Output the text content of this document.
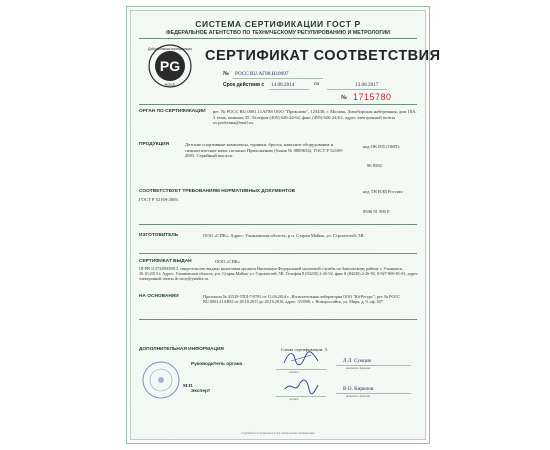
СИСТЕМА СЕРТИФИКАЦИИ ГОСТ Р
ФЕДЕРАЛЬНОЕ АГЕНТСТВО ПО ТЕХНИЧЕСКОМУ РЕГУЛИРОВАНИЮ И МЕТРОЛОГИИ
PG
Добровольная сертификация
ROSS
СЕРТИФИКАТ СООТВЕТСТВИЯ
№ РОСС RU.АГ88.Н10097
Срок действия с 14.08.2014	по	13.08.2017
№ 1715780
ОРГАН ПО СЕРТИФИКАЦИИ	рег. № РОСС RU.0001.11АГ88 ООО "Проксима", 125438, г. Москва, Лихоборская набережная, дом 18А, 3 этаж, комната 35. Телефон (495) 626-24-62, факс (495) 626-24-62, адрес электронной почты os.proksima@mail.ru.
ПРОДУКЦИЯ	Детские спортивные комплексы, турники, брусья, навесное оборудование и гимнастические маты согласно Приложению (бланк № 0889654). ГОСТ Р 52169-2003. Серийный выпуск.
код ОК 005 (ОКП):
96 8582
СООТВЕТСТВУЕТ ТРЕБОВАНИЯМ НОРМАТИВНЫХ ДОКУМЕНТОВ
ГОСТ Р 52169-2003
код ТН ВЭД России:
9506 91 900 0
ИЗГОТОВИТЕЛЬ	ООО «СПК». Адрес: Ульяновская область, р.п. Старая Майна, ул. Строителей, 5В.
СЕРТИФИКАТ ВЫДАН	ООО «СПК»
ОГРН 1137329003913, свидетельство выдано налоговым органом Инспекция Федеральной налоговой службы по Заволжскому району г. Ульяновск, 30.10.2013 г. Адрес: Ульяновская область, р.п. Старая Майна, ул. Строителей, 5В. Телефон 8 (84230) 2-26-92, факс 8 (84230) 2-26-92, 8-927-800-81-81, адрес электронной почты tk-stroy@yandex.ru.
НА ОСНОВАНИИ	Протокола № 41529-ТПЛ-7-0781 от 11.04.2014 г., Испытательная лаборатория ООО "ЮгРесурс", рег. № РОСС RU.0001.21АВ93 от 28.10.2011 до 28.10.2016, адрес: 353900, г. Новороссийск, ул. Мира, д. 9, оф. 307
ДОПОЛНИТЕЛЬНАЯ ИНФОРМАЦИЯ	Схема сертификации: 3.
М.П.
Руководитель органа
подпись
Л.Л. Сумцов
инициалы, фамилия
Эксперт
подпись
В.О. Кирилов
инициалы, фамилия
Сертификат не применяется при обязательной сертификации
